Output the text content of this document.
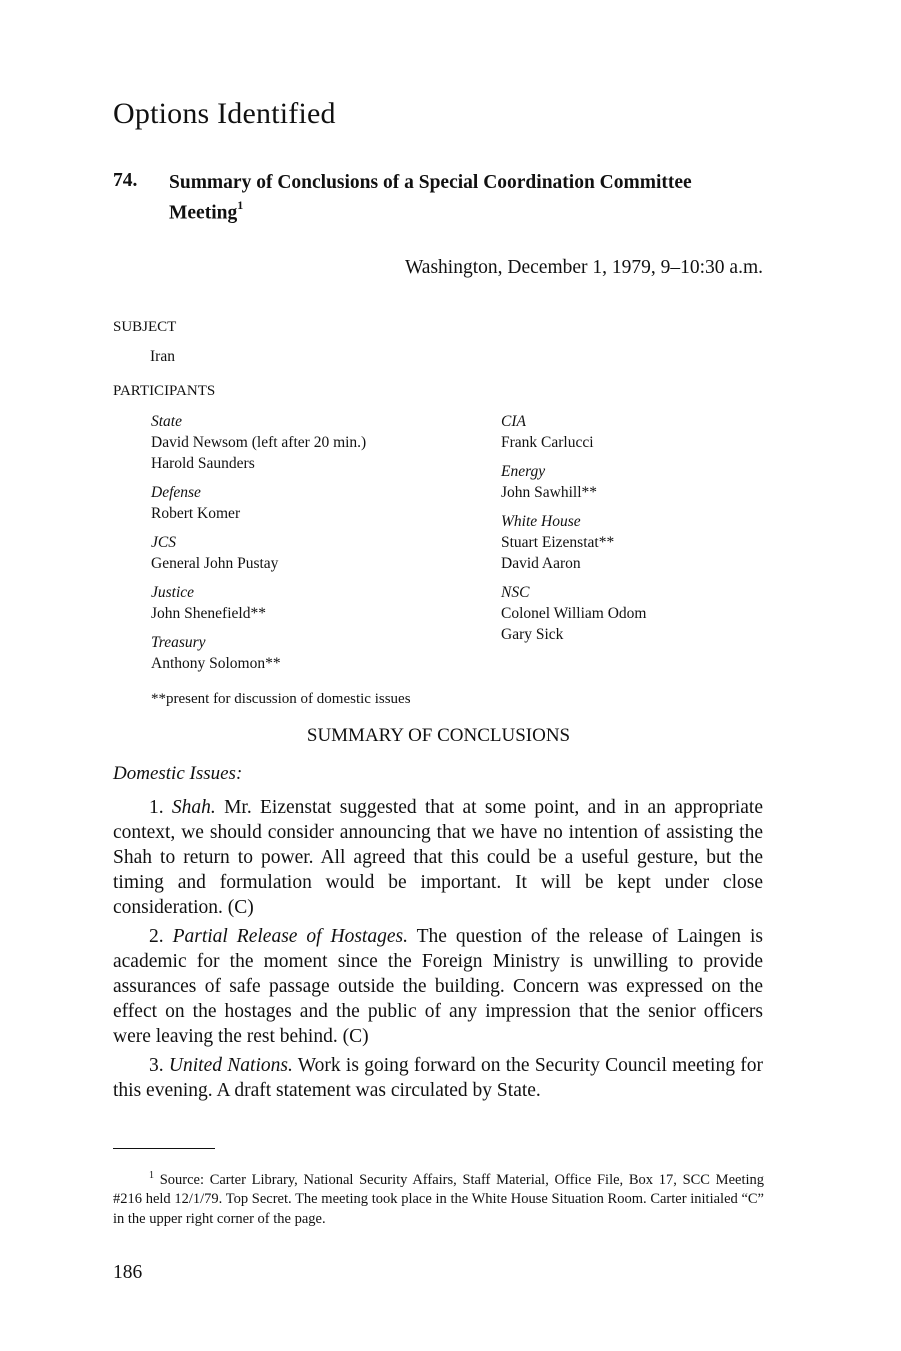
Options Identified
74. Summary of Conclusions of a Special Coordination Committee Meeting$^1$
Washington, December 1, 1979, 9–10:30 a.m.
SUBJECT
Iran
PARTICIPANTS
State
David Newsom (left after 20 min.)
Harold Saunders
Defense
Robert Komer
JCS
General John Pustay
Justice
John Shenefield**
Treasury
Anthony Solomon**
CIA
Frank Carlucci
Energy
John Sawhill**
White House
Stuart Eizenstat**
David Aaron
NSC
Colonel William Odom
Gary Sick
**present for discussion of domestic issues
SUMMARY OF CONCLUSIONS
Domestic Issues:

1. Shah. Mr. Eizenstat suggested that at some point, and in an appropriate context, we should consider announcing that we have no intention of assisting the Shah to return to power. All agreed that this could be a useful gesture, but the timing and formulation would be important. It will be kept under close consideration. (C)

2. Partial Release of Hostages. The question of the release of Laingen is academic for the moment since the Foreign Ministry is unwilling to provide assurances of safe passage outside the building. Concern was expressed on the effect on the hostages and the public of any impression that the senior officers were leaving the rest behind. (C)

3. United Nations. Work is going forward on the Security Council meeting for this evening. A draft statement was circulated by State.

$^1$ Source: Carter Library, National Security Affairs, Staff Material, Office File, Box 17, SCC Meeting #216 held 12/1/79. Top Secret. The meeting took place in the White House Situation Room. Carter initialed “C” in the upper right corner of the page.
186
